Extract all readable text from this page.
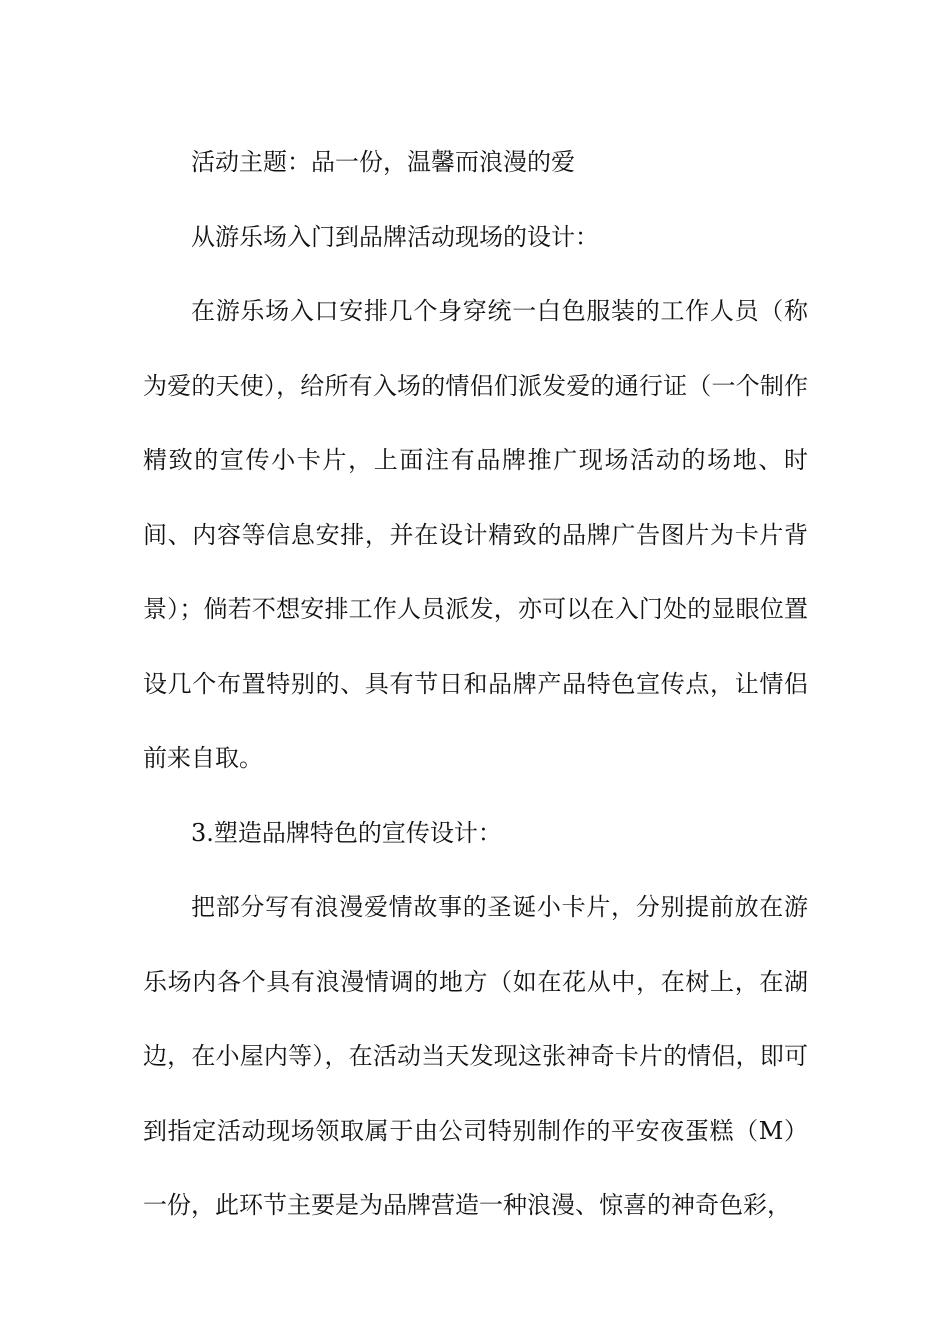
活动主题：品一份，温馨而浪漫的爱

从游乐场入门到品牌活动现场的设计：

在游乐场入口安排几个身穿统一白色服装的工作人员（称为爱的天使），给所有入场的情侣们派发爱的通行证（一个制作精致的宣传小卡片，上面注有品牌推广现场活动的场地、时间、内容等信息安排，并在设计精致的品牌广告图片为卡片背景）；倘若不想安排工作人员派发，亦可以在入门处的显眼位置设几个布置特别的、具有节日和品牌产品特色宣传点，让情侣前来自取。

3.塑造品牌特色的宣传设计：

把部分写有浪漫爱情故事的圣诞小卡片，分别提前放在游乐场内各个具有浪漫情调的地方（如在花从中，在树上，在湖边，在小屋内等），在活动当天发现这张神奇卡片的情侣，即可到指定活动现场领取属于由公司特别制作的平安夜蛋糕（M）一份，此环节主要是为品牌营造一种浪漫、惊喜的神奇色彩，
